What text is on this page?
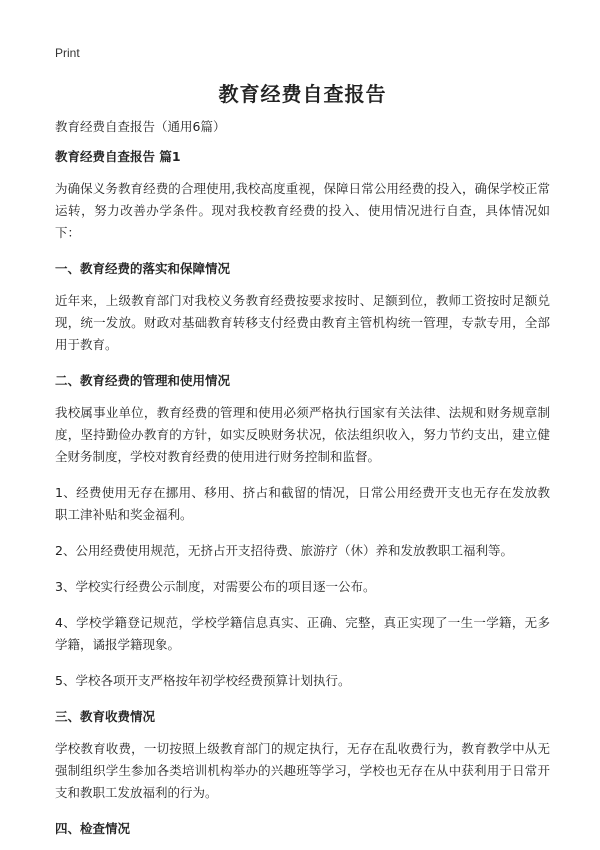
Print
教育经费自查报告

教育经费自查报告（通用6篇）

教育经费自查报告 篇1

为确保义务教育经费的合理使用,我校高度重视，保障日常公用经费的投入，确保学校正常运转，努力改善办学条件。现对我校教育经费的投入、使用情况进行自查，具体情况如下：

一、教育经费的落实和保障情况

近年来，上级教育部门对我校义务教育经费按要求按时、足额到位，教师工资按时足额兑现，统一发放。财政对基础教育转移支付经费由教育主管机构统一管理，专款专用，全部用于教育。

二、教育经费的管理和使用情况

我校属事业单位，教育经费的管理和使用必须严格执行国家有关法律、法规和财务规章制度，坚持勤俭办教育的方针，如实反映财务状况，依法组织收入，努力节约支出，建立健全财务制度，学校对教育经费的使用进行财务控制和监督。

1、经费使用无存在挪用、移用、挤占和截留的情况，日常公用经费开支也无存在发放教职工津补贴和奖金福利。

2、公用经费使用规范，无挤占开支招待费、旅游疗（休）养和发放教职工福利等。

3、学校实行经费公示制度，对需要公布的项目逐一公布。

4、学校学籍登记规范，学校学籍信息真实、正确、完整，真正实现了一生一学籍，无多学籍，谲报学籍现象。

5、学校各项开支严格按年初学校经费预算计划执行。

三、教育收费情况

学校教育收费，一切按照上级教育部门的规定执行，无存在乱收费行为，教育教学中从无强制组织学生参加各类培训机构举办的兴趣班等学习，学校也无存在从中获利用于日常开支和教职工发放福利的行为。

四、检查情况
